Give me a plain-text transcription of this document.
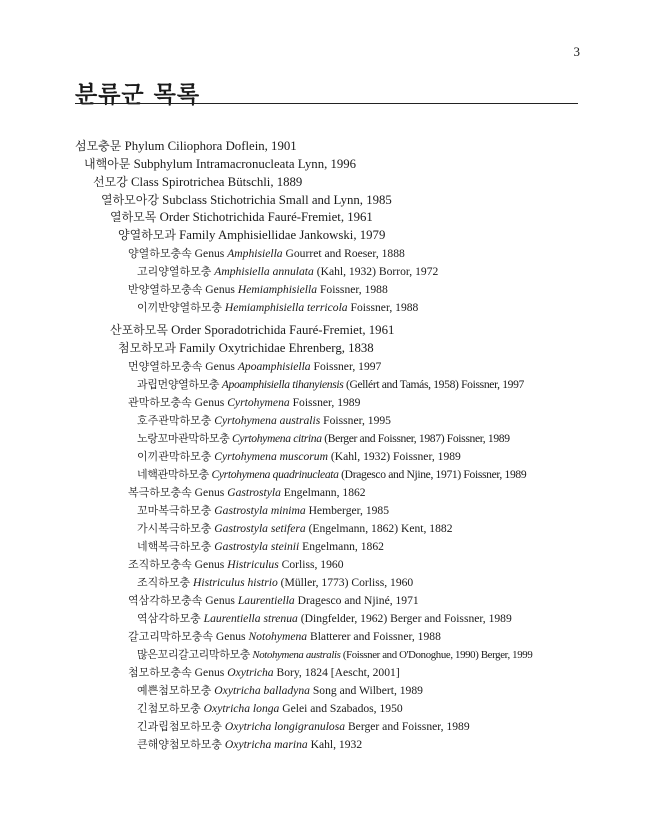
3
분류군 목록
섬모충문 Phylum Ciliophora Doflein, 1901
내핵아문 Subphylum Intramacronucleata Lynn, 1996
선모강 Class Spirotrichea Bütschli, 1889
열하모아강 Subclass Stichotrichia Small and Lynn, 1985
열하모목 Order Stichotrichida Fauré-Fremiet, 1961
양열하모과 Family Amphisiellidae Jankowski, 1979
양열하모충속 Genus Amphisiella Gourret and Roeser, 1888
고리양열하모충 Amphisiella annulata (Kahl, 1932) Borror, 1972
반양열하모충속 Genus Hemiamphisiella Foissner, 1988
이끼반양열하모충 Hemiamphisiella terricola Foissner, 1988
산포하모목 Order Sporadotrichida Fauré-Fremiet, 1961
첨모하모과 Family Oxytrichidae Ehrenberg, 1838
먼양열하모충속 Genus Apoamphisiella Foissner, 1997
과립먼양열하모충 Apoamphisiella tihanyiensis (Gellért and Tamás, 1958) Foissner, 1997
관막하모충속 Genus Cyrtohymena Foissner, 1989
호주관막하모충 Cyrtohymena australis Foissner, 1995
노랑꼬마관막하모충 Cyrtohymena citrina (Berger and Foissner, 1987) Foissner, 1989
이끼관막하모충 Cyrtohymena muscorum (Kahl, 1932) Foissner, 1989
네핵관막하모충 Cyrtohymena quadrinucleata (Dragesco and Njine, 1971) Foissner, 1989
복극하모충속 Genus Gastrostyla Engelmann, 1862
꼬마복극하모충 Gastrostyla minima Hemberger, 1985
가시복극하모충 Gastrostyla setifera (Engelmann, 1862) Kent, 1882
네핵복극하모충 Gastrostyla steinii Engelmann, 1862
조직하모충속 Genus Histriculus Corliss, 1960
조직하모충 Histriculus histrio (Müller, 1773) Corliss, 1960
역삼각하모충속 Genus Laurentiella Dragesco and Njiné, 1971
역삼각하모충 Laurentiella strenua (Dingfelder, 1962) Berger and Foissner, 1989
갈고리막하모충속 Genus Notohymena Blatterer and Foissner, 1988
많은꼬리갈고리막하모충 Notohymena australis (Foissner and O'Donoghue, 1990) Berger, 1999
첨모하모충속 Genus Oxytricha Bory, 1824 [Aescht, 2001]
예쁜첨모하모충 Oxytricha balladyna Song and Wilbert, 1989
긴첨모하모충 Oxytricha longa Gelei and Szabados, 1950
긴과립첨모하모충 Oxytricha longigranulosa Berger and Foissner, 1989
큰해양첨모하모충 Oxytricha marina Kahl, 1932
